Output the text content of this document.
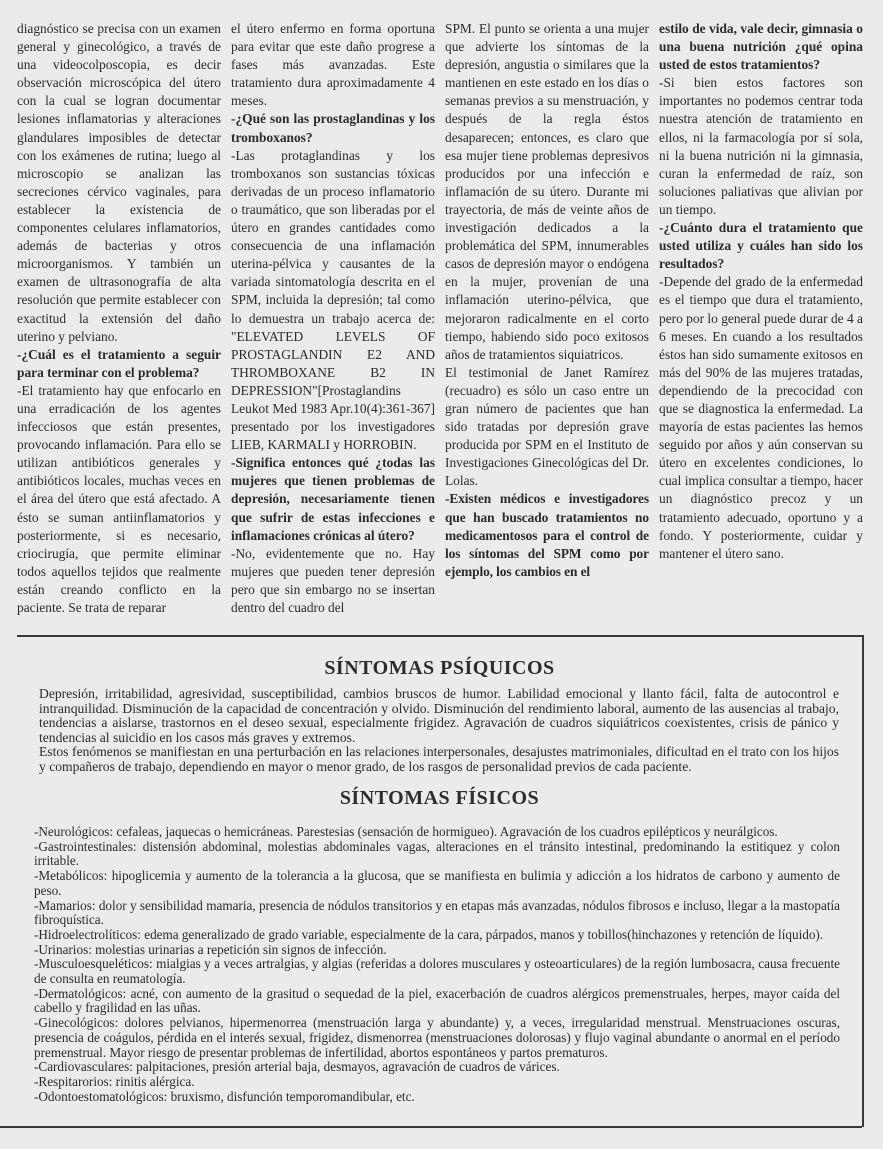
diagnóstico se precisa con un examen general y ginecológico, a través de una videocolposcopia, es decir observación microscópica del útero con la cual se logran documentar lesiones inflamatorias y alteraciones glandulares imposibles de detectar con los exámenes de rutina; luego al microscopio se analizan las secreciones cérvico vaginales, para establecer la existencia de componentes celulares inflamatorios, además de bacterias y otros microorganismos. Y también un examen de ultrasonografía de alta resolución que permite establecer con exactitud la extensión del daño uterino y pelviano.

-¿Cuál es el tratamiento a seguir para terminar con el problema?

-El tratamiento hay que enfocarlo en una erradicación de los agentes infecciosos que están presentes, provocando inflamación. Para ello se utilizan antibióticos generales y antibióticos locales, muchas veces en el área del útero que está afectado. A ésto se suman antiinflamatorios y posteriormente, si es necesario, criocirugía, que permite eliminar todos aquellos tejidos que realmente están creando conflicto en la paciente. Se trata de reparar

el útero enfermo en forma oportuna para evitar que este daño progrese a fases más avanzadas. Este tratamiento dura aproximadamente 4 meses.

-¿Qué son las prostaglandinas y los tromboxanos?

-Las protaglandinas y los tromboxanos son sustancias tóxicas derivadas de un proceso inflamatorio o traumático, que son liberadas por el útero en grandes cantidades como consecuencia de una inflamación uterina-pélvica y causantes de la variada sintomatología descrita en el SPM, incluida la depresión; tal como lo demuestra un trabajo acerca de: "ELEVATED LEVELS OF PROSTAGLANDIN E2 AND THROMBOXANE B2 IN DEPRESSION"[Prostaglandins Leukot Med 1983 Apr.10(4):361-367] presentado por los investigadores LIEB, KARMALI y HORROBIN.

-Significa entonces qué ¿todas las mujeres que tienen problemas de depresión, necesariamente tienen que sufrir de estas infecciones e inflamaciones crónicas al útero?

-No, evidentemente que no. Hay mujeres que pueden tener depresión pero que sin embargo no se insertan dentro del cuadro del

SPM. El punto se orienta a una mujer que advierte los síntomas de la depresión, angustia o similares que la mantienen en este estado en los días o semanas previos a su menstruación, y después de la regla éstos desaparecen; entonces, es claro que esa mujer tiene problemas depresivos producidos por una infección e inflamación de su útero. Durante mi trayectoria, de más de veinte años de investigación dedicados a la problemática del SPM, innumerables casos de depresión mayor o endógena en la mujer, provenían de una inflamación uterino-pélvica, que mejoraron radicalmente en el corto tiempo, habiendo sido poco exitosos años de tratamientos siquiatricos.

El testimonial de Janet Ramírez (recuadro) es sólo un caso entre un gran número de pacientes que han sido tratadas por depresión grave producida por SPM en el Instituto de Investigaciones Ginecológicas del Dr. Lolas.

-Existen médicos e investigadores que han buscado tratamientos no medicamentosos para el control de los síntomas del SPM como por ejemplo, los cambios en el

estilo de vida, vale decir, gimnasia o una buena nutrición ¿qué opina usted de estos tratamientos?

-Si bien estos factores son importantes no podemos centrar toda nuestra atención de tratamiento en ellos, ni la farmacología por sí sola, ni la buena nutrición ni la gimnasia, curan la enfermedad de raíz, son soluciones paliativas que alivian por un tiempo.

-¿Cuánto dura el tratamiento que usted utiliza y cuáles han sido los resultados?

-Depende del grado de la enfermedad es el tiempo que dura el tratamiento, pero por lo general puede durar de 4 a 6 meses. En cuando a los resultados éstos han sido sumamente exitosos en más del 90% de las mujeres tratadas, dependiendo de la precocidad con que se diagnostica la enfermedad. La mayoría de estas pacientes las hemos seguido por años y aún conservan su útero en excelentes condiciones, lo cual implica consultar a tiempo, hacer un diagnóstico precoz y un tratamiento adecuado, oportuno y a fondo. Y posteriormente, cuidar y mantener el útero sano.

SÍNTOMAS PSÍQUICOS

Depresión, irritabilidad, agresividad, susceptibilidad, cambios bruscos de humor. Labilidad emocional y llanto fácil, falta de autocontrol e intranquilidad. Disminución de la capacidad de concentración y olvido. Disminución del rendimiento laboral, aumento de las ausencias al trabajo, tendencias a aislarse, trastornos en el deseo sexual, especialmente frigidez. Agravación de cuadros siquiátricos coexistentes, crisis de pánico y tendencias al suicidio en los casos más graves y extremos.

Estos fenómenos se manifiestan en una perturbación en las relaciones interpersonales, desajustes matrimoniales, dificultad en el trato con los hijos y compañeros de trabajo, dependiendo en mayor o menor grado, de los rasgos de personalidad previos de cada paciente.

SÍNTOMAS FÍSICOS

-Neurológicos: cefaleas, jaquecas o hemicráneas. Parestesias (sensación de hormigueo). Agravación de los cuadros epilépticos y neurálgicos.

-Gastrointestinales: distensión abdominal, molestias abdominales vagas, alteraciones en el tránsito intestinal, predominando la estitiquez y colon irritable.

-Metabólicos: hipoglicemia y aumento de la tolerancia a la glucosa, que se manifiesta en bulimia y adicción a los hidratos de carbono y aumento de peso.

-Mamarios: dolor y sensibilidad mamaria, presencia de nódulos transitorios y en etapas más avanzadas, nódulos fibrosos e incluso, llegar a la mastopatía fibroquística.

-Hidroelectrolíticos: edema generalizado de grado variable, especialmente de la cara, párpados, manos y tobillos(hinchazones y retención de líquido).

-Urinarios: molestias urinarias a repetición sin signos de infección.

-Musculoesqueléticos: mialgias y a veces artralgias, y algias (referidas a dolores musculares y osteoarticulares) de la región lumbosacra, causa frecuente de consulta en reumatología.

-Dermatológicos: acné, con aumento de la grasitud o sequedad de la piel, exacerbación de cuadros alérgicos premenstruales, herpes, mayor caída del cabello y fragilidad en las uñas.

-Ginecológicos: dolores pelvianos, hipermenorrea (menstruación larga y abundante) y, a veces, irregularidad menstrual. Menstruaciones oscuras, presencia de coágulos, pérdida en el interés sexual, frigidez, dismenorrea (menstruaciones dolorosas) y flujo vaginal abundante o anormal en el período premenstrual. Mayor riesgo de presentar problemas de infertilidad, abortos espontáneos y partos prematuros.

-Cardiovasculares: palpitaciones, presión arterial baja, desmayos, agravación de cuadros de várices.

-Respitarorios: rinitis alérgica.

-Odontoestomatológicos: bruxismo, disfunción temporomandibular, etc.
